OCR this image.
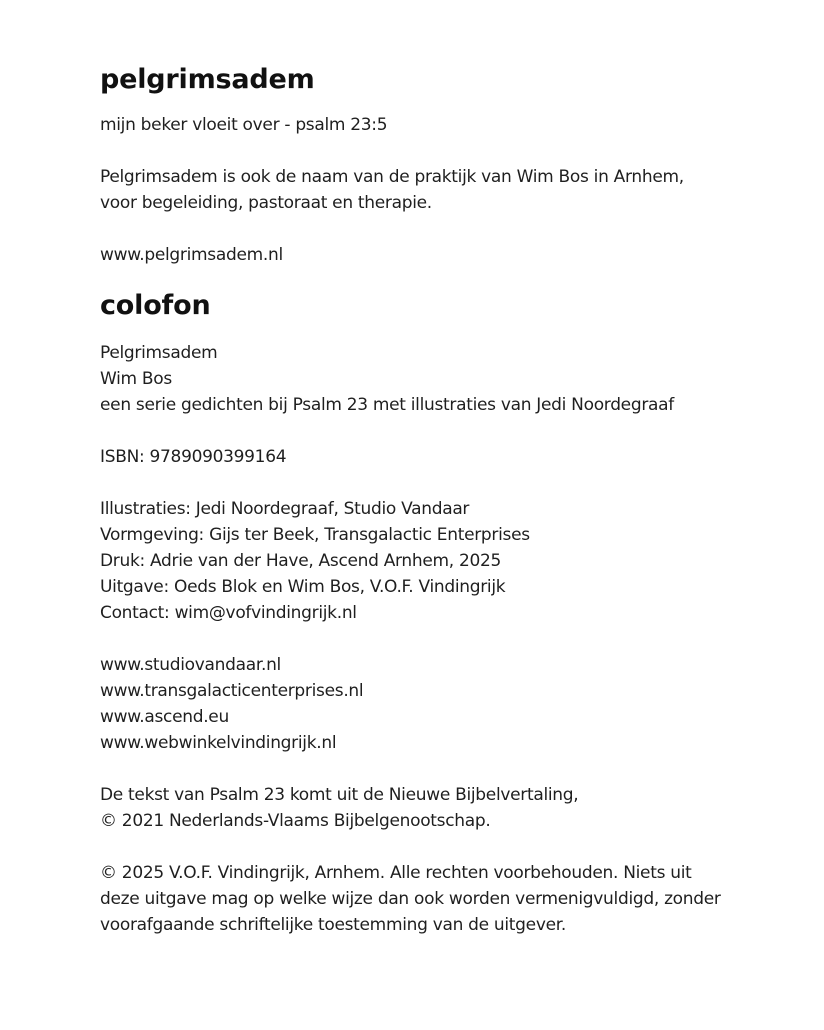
pelgrimsadem
mijn beker vloeit over - psalm 23:5
Pelgrimsadem is ook de naam van de praktijk van Wim Bos in Arnhem,
voor begeleiding, pastoraat en therapie.
www.pelgrimsadem.nl
colofon
Pelgrimsadem
Wim Bos
een serie gedichten bij Psalm 23 met illustraties van Jedi Noordegraaf
ISBN: 9789090399164
Illustraties: Jedi Noordegraaf, Studio Vandaar
Vormgeving: Gijs ter Beek, Transgalactic Enterprises
Druk: Adrie van der Have, Ascend Arnhem, 2025
Uitgave: Oeds Blok en Wim Bos, V.O.F. Vindingrijk
Contact: wim@vofvindingrijk.nl
www.studiovandaar.nl
www.transgalacticenterprises.nl
www.ascend.eu
www.webwinkelvindingrijk.nl
De tekst van Psalm 23 komt uit de Nieuwe Bijbelvertaling,
© 2021 Nederlands-Vlaams Bijbelgenootschap.
© 2025 V.O.F. Vindingrijk, Arnhem. Alle rechten voorbehouden. Niets uit
deze uitgave mag op welke wijze dan ook worden vermenigvuldigd, zonder
voorafgaande schriftelijke toestemming van de uitgever.
